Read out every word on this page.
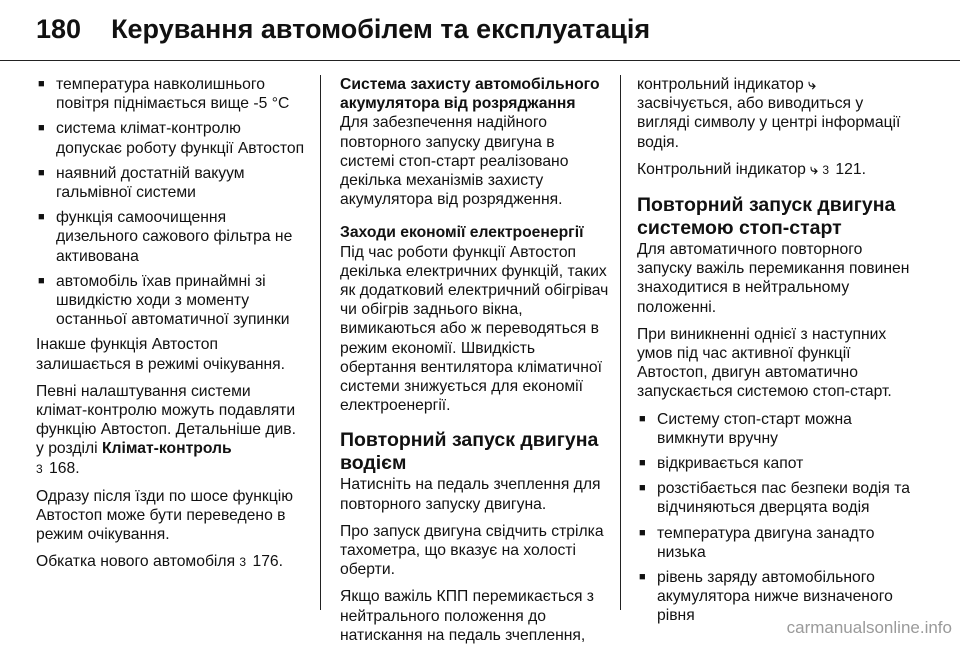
180 Керування автомобілем та експлуатація
■ температура навколишнього повітря піднімається вище -5 °C
■ система клімат-контролю допускає роботу функції Автостоп
■ наявний достатній вакуум гальмівної системи
■ функція самоочищення дизельного сажового фільтра не активована
■ автомобіль їхав принаймні зі швидкістю ходи з моменту останньої автоматичної зупинки

Інакше функція Автостоп залишається в режимі очікування.

Певні налаштування системи клімат-контролю можуть подавляти функцію Автостоп. Детальніше див. у розділі Клімат-контроль
3 168.

Одразу після їзди по шосе функцію Автостоп може бути переведено в режим очікування.

Обкатка нового автомобіля 3 176.

Система захисту автомобільного акумулятора від розряджання

Для забезпечення надійного повторного запуску двигуна в системі стоп-старт реалізовано декілька механізмів захисту акумулятора від розрядження.

Заходи економії електроенергії

Під час роботи функції Автостоп декілька електричних функцій, таких як додатковий електричний обігрівач чи обігрів заднього вікна, вимикаються або ж переводяться в режим економії. Швидкість обертання вентилятора кліматичної системи знижується для економії електроенергії.

Повторний запуск двигуна водієм

Натисніть на педаль зчеплення для повторного запуску двигуна.

Про запуск двигуна свідчить стрілка тахометра, що вказує на холості оберти.

Якщо важіль КПП перемикається з нейтрального положення до натискання на педаль зчеплення,

контрольний індикатор ⤷ засвічується, або виводиться у вигляді символу у центрі інформації водія.

Контрольний індикатор ⤷ 3 121.

Повторний запуск двигуна системою стоп-старт

Для автоматичного повторного запуску важіль перемикання повинен знаходитися в нейтральному положенні.

При виникненні однієї з наступних умов під час активної функції Автостоп, двигун автоматично запускається системою стоп-старт.

■ Систему стоп-старт можна вимкнути вручну
■ відкривається капот
■ розстібається пас безпеки водія та відчиняються дверцята водія
■ температура двигуна занадто низька
■ рівень заряду автомобільного акумулятора нижче визначеного рівня
carmanualsonline.info
